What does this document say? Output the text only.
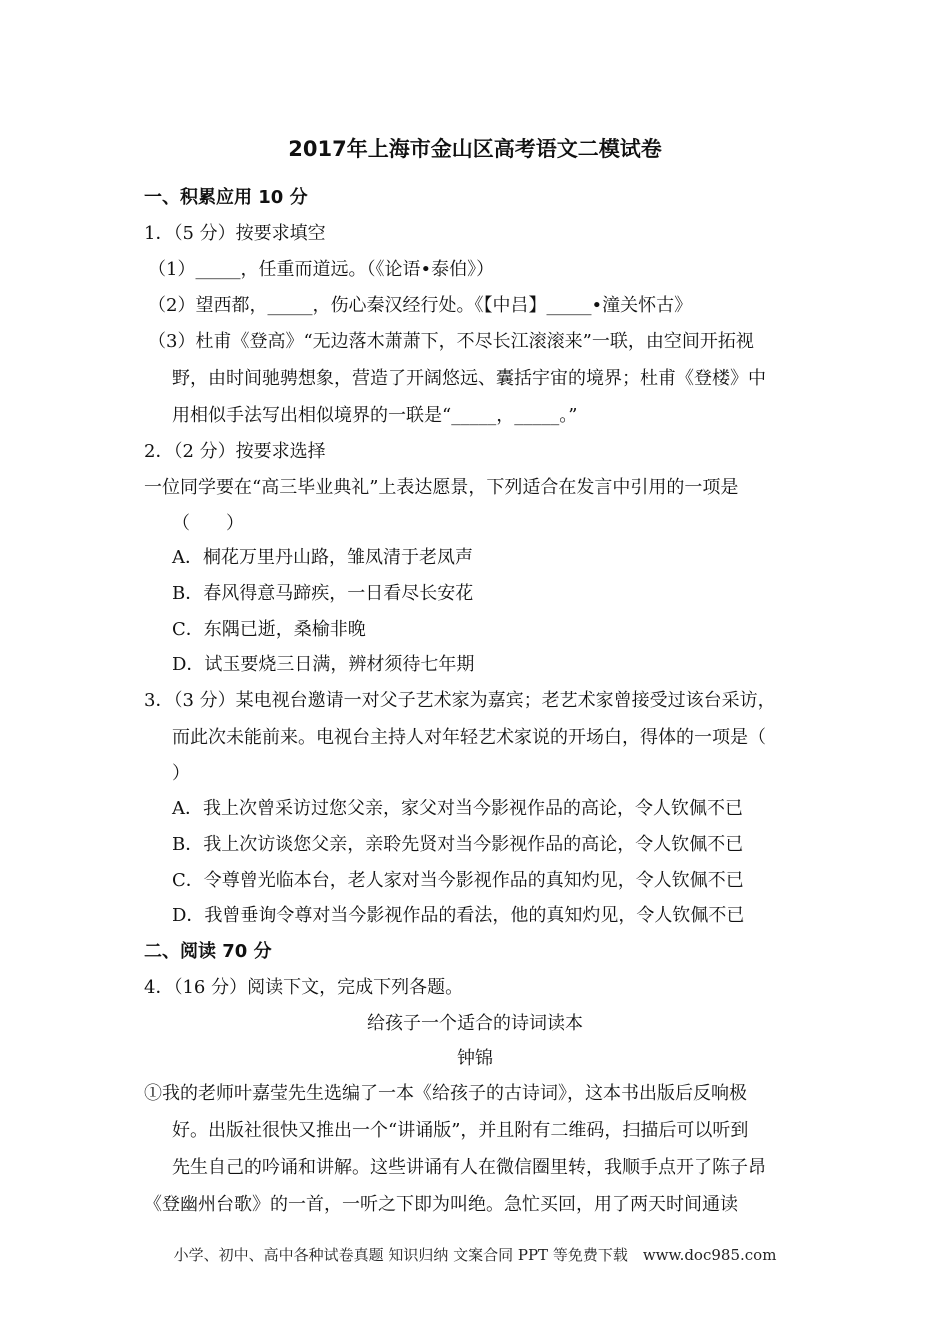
2017年上海市金山区高考语文二模试卷
一、积累应用 10 分
1．（5 分）按要求填空
（1）_____，任重而道远。（《论语•泰伯》）
（2）望西都，_____，伤心秦汉经行处。《【中吕】_____•潼关怀古》
（3）杜甫《登高》“无边落木萧萧下，不尽长江滚滚来”一联，由空间开拓视
野，由时间驰骋想象，营造了开阔悠远、囊括宇宙的境界；杜甫《登楼》中
用相似手法写出相似境界的一联是“_____，_____。”
2．（2 分）按要求选择
一位同学要在“高三毕业典礼”上表达愿景，下列适合在发言中引用的一项是
（　　）
A．桐花万里丹山路，雏凤清于老凤声
B．春风得意马蹄疾，一日看尽长安花
C．东隅已逝，桑榆非晚
D．试玉要烧三日满，辨材须待七年期
3．（3 分）某电视台邀请一对父子艺术家为嘉宾；老艺术家曾接受过该台采访，
而此次未能前来。电视台主持人对年轻艺术家说的开场白，得体的一项是（
）
A．我上次曾采访过您父亲，家父对当今影视作品的高论，令人钦佩不已
B．我上次访谈您父亲，亲聆先贤对当今影视作品的高论，令人钦佩不已
C．令尊曾光临本台，老人家对当今影视作品的真知灼见，令人钦佩不已
D．我曾垂询令尊对当今影视作品的看法，他的真知灼见，令人钦佩不已
二、阅读 70 分
4．（16 分）阅读下文，完成下列各题。
给孩子一个适合的诗词读本
钟锦
①我的老师叶嘉莹先生选编了一本《给孩子的古诗词》，这本书出版后反响极
好。出版社很快又推出一个“讲诵版”，并且附有二维码，扫描后可以听到
先生自己的吟诵和讲解。这些讲诵有人在微信圈里转，我顺手点开了陈子昂
《登幽州台歌》的一首，一听之下即为叫绝。急忙买回，用了两天时间通读
小学、初中、高中各种试卷真题 知识归纳 文案合同 PPT 等免费下载　www.doc985.com
